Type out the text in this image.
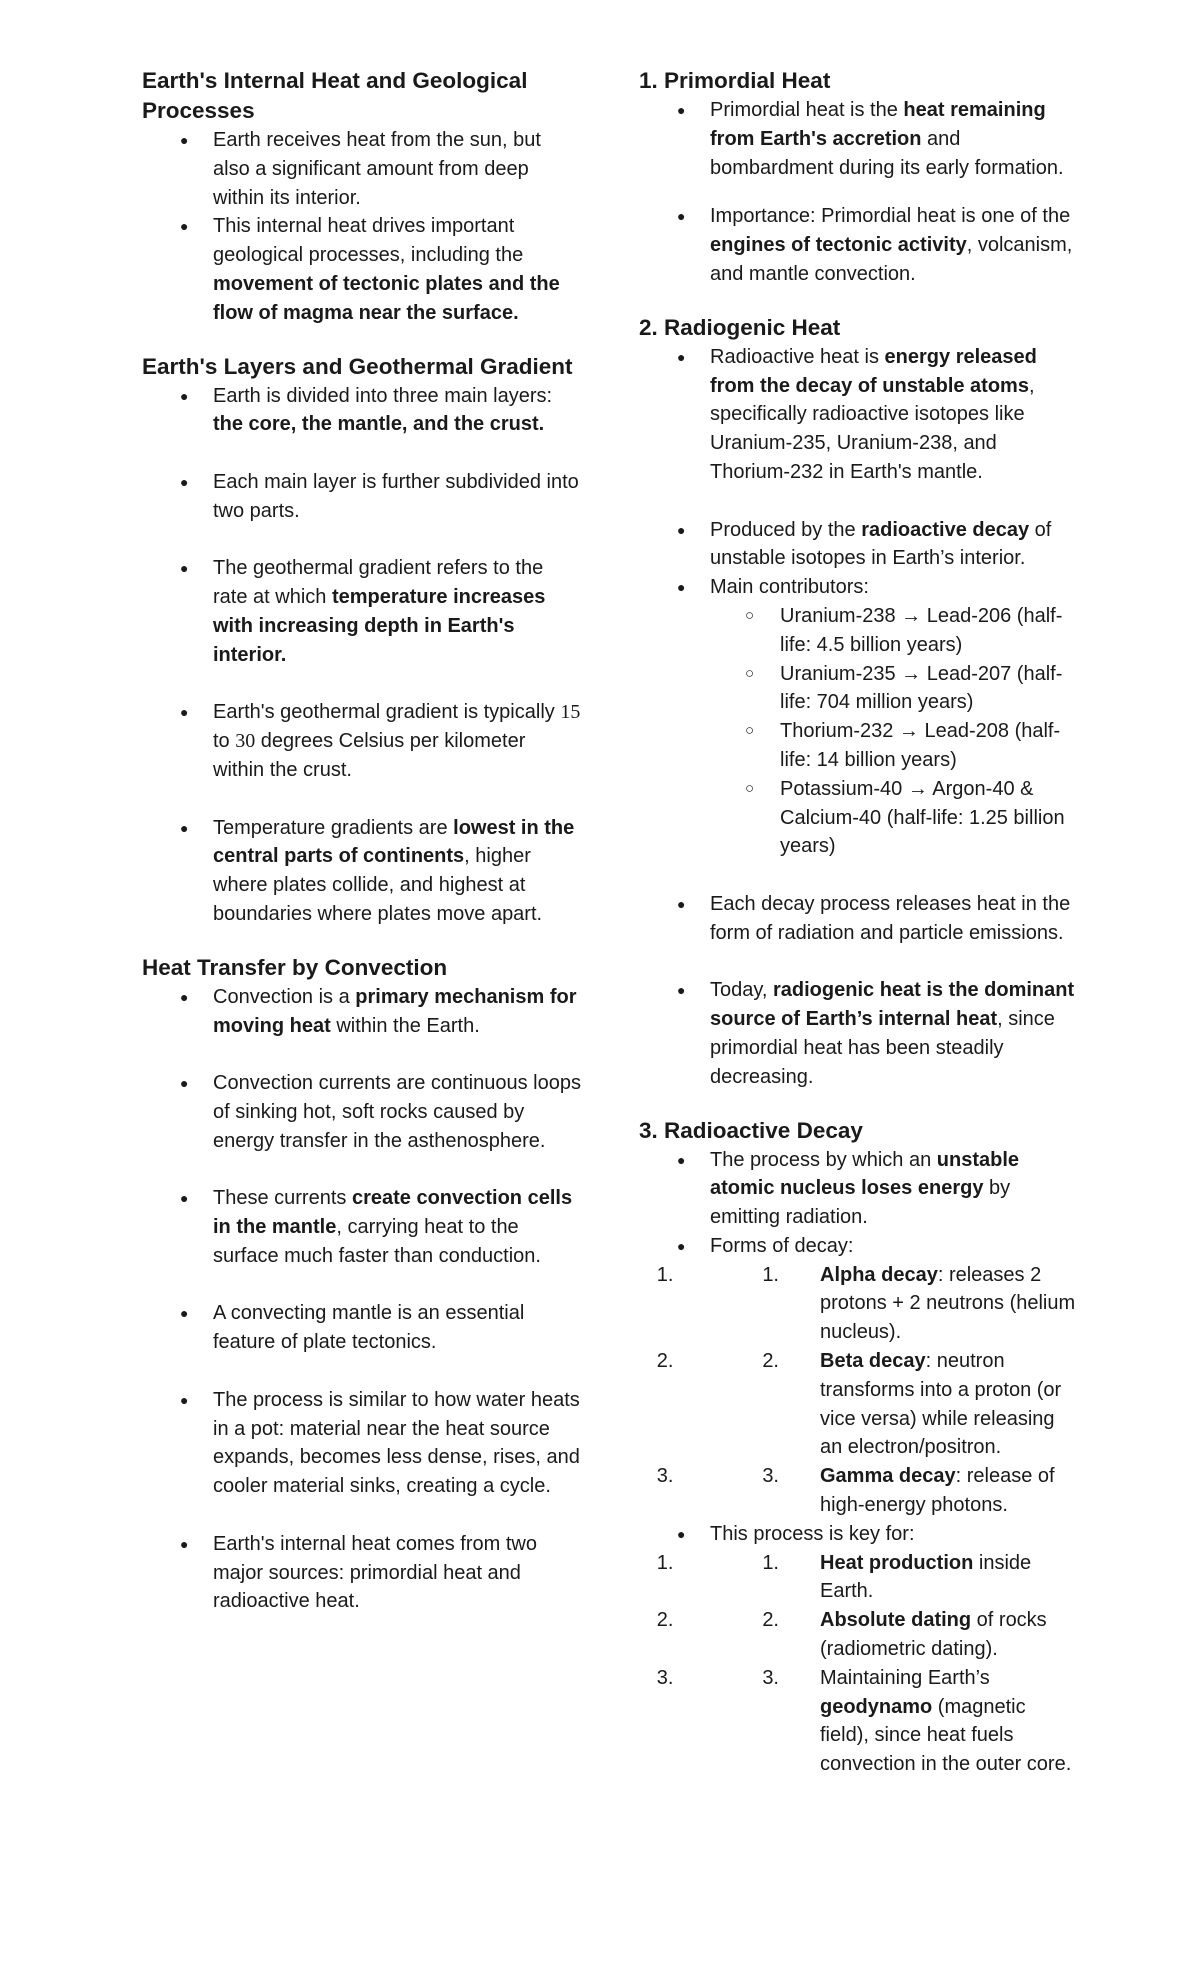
Earth's Internal Heat and Geological Processes
● Earth receives heat from the sun, but also a significant amount from deep within its interior.
● This internal heat drives important geological processes, including the movement of tectonic plates and the flow of magma near the surface.
Earth's Layers and Geothermal Gradient
● Earth is divided into three main layers: the core, the mantle, and the crust.
● Each main layer is further subdivided into two parts.
● The geothermal gradient refers to the rate at which temperature increases with increasing depth in Earth's interior.
● Earth's geothermal gradient is typically 15 to 30 degrees Celsius per kilometer within the crust.
● Temperature gradients are lowest in the central parts of continents, higher where plates collide, and highest at boundaries where plates move apart.
Heat Transfer by Convection
● Convection is a primary mechanism for moving heat within the Earth.
● Convection currents are continuous loops of sinking hot, soft rocks caused by energy transfer in the asthenosphere.
● These currents create convection cells in the mantle, carrying heat to the surface much faster than conduction.
● A convecting mantle is an essential feature of plate tectonics.
● The process is similar to how water heats in a pot: material near the heat source expands, becomes less dense, rises, and cooler material sinks, creating a cycle.
● Earth's internal heat comes from two major sources: primordial heat and radioactive heat.
1. Primordial Heat
● Primordial heat is the heat remaining from Earth's accretion and bombardment during its early formation.
● Importance: Primordial heat is one of the engines of tectonic activity, volcanism, and mantle convection.
2. Radiogenic Heat
● Radioactive heat is energy released from the decay of unstable atoms, specifically radioactive isotopes like Uranium-235, Uranium-238, and Thorium-232 in Earth's mantle.
● Produced by the radioactive decay of unstable isotopes in Earth’s interior.
● Main contributors:
○ Uranium-238 → Lead-206 (half-life: 4.5 billion years)
○ Uranium-235 → Lead-207 (half-life: 704 million years)
○ Thorium-232 → Lead-208 (half-life: 14 billion years)
○ Potassium-40 → Argon-40 & Calcium-40 (half-life: 1.25 billion years)
● Each decay process releases heat in the form of radiation and particle emissions.
● Today, radiogenic heat is the dominant source of Earth’s internal heat, since primordial heat has been steadily decreasing.
3. Radioactive Decay
● The process by which an unstable atomic nucleus loses energy by emitting radiation.
● Forms of decay:
1. 1. Alpha decay: releases 2 protons + 2 neutrons (helium nucleus).
2. 2. Beta decay: neutron transforms into a proton (or vice versa) while releasing an electron/positron.
3. 3. Gamma decay: release of high-energy photons.
● This process is key for:
1. 1. Heat production inside Earth.
2. 2. Absolute dating of rocks (radiometric dating).
3. 3. Maintaining Earth’s geodynamo (magnetic field), since heat fuels convection in the outer core.
